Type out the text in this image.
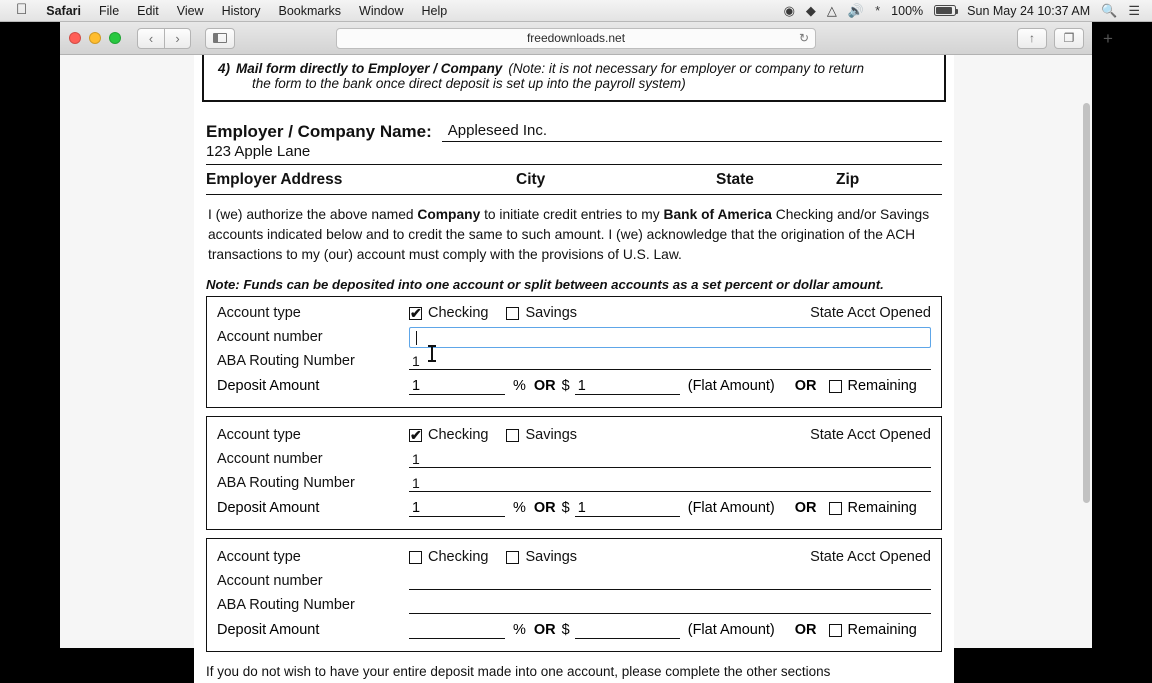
Safari	File	Edit	View	History	Bookmarks	Window	Help	◉ ◆ △ 🔊 * 100%	Sun May 24 10:37 AM 🔍 ☰
‹	›	freedownloads.net	↻	↑	❐	+
4) Mail form directly to Employer / Company (Note: it is not necessary for employer or company to return
the form to the bank once direct deposit is set up into the payroll system)
Employer / Company Name:	Appleseed Inc.
123 Apple Lane
Employer Address	City	State	Zip
I (we) authorize the above named Company to initiate credit entries to my Bank of America Checking and/or Savings accounts indicated below and to credit the same to such amount. I (we) acknowledge that the origination of the ACH transactions to my (our) account must comply with the provisions of U.S. Law.
Note: Funds can be deposited into one account or split between accounts as a set percent or dollar amount.
Account type ✔	Checking	Savings	State Acct Opened
Account number
ABA Routing Number	1
Deposit Amount	1	% OR $ 1	(Flat Amount) OR Remaining
Account type ✔	Checking	Savings	State Acct Opened
Account number	1
ABA Routing Number	1
Deposit Amount	1	% OR $ 1	(Flat Amount) OR Remaining
Account type	Checking	Savings	State Acct Opened
Account number
ABA Routing Number
Deposit Amount	% OR $	(Flat Amount) OR Remaining
If you do not wish to have your entire deposit made into one account, please complete the other sections
